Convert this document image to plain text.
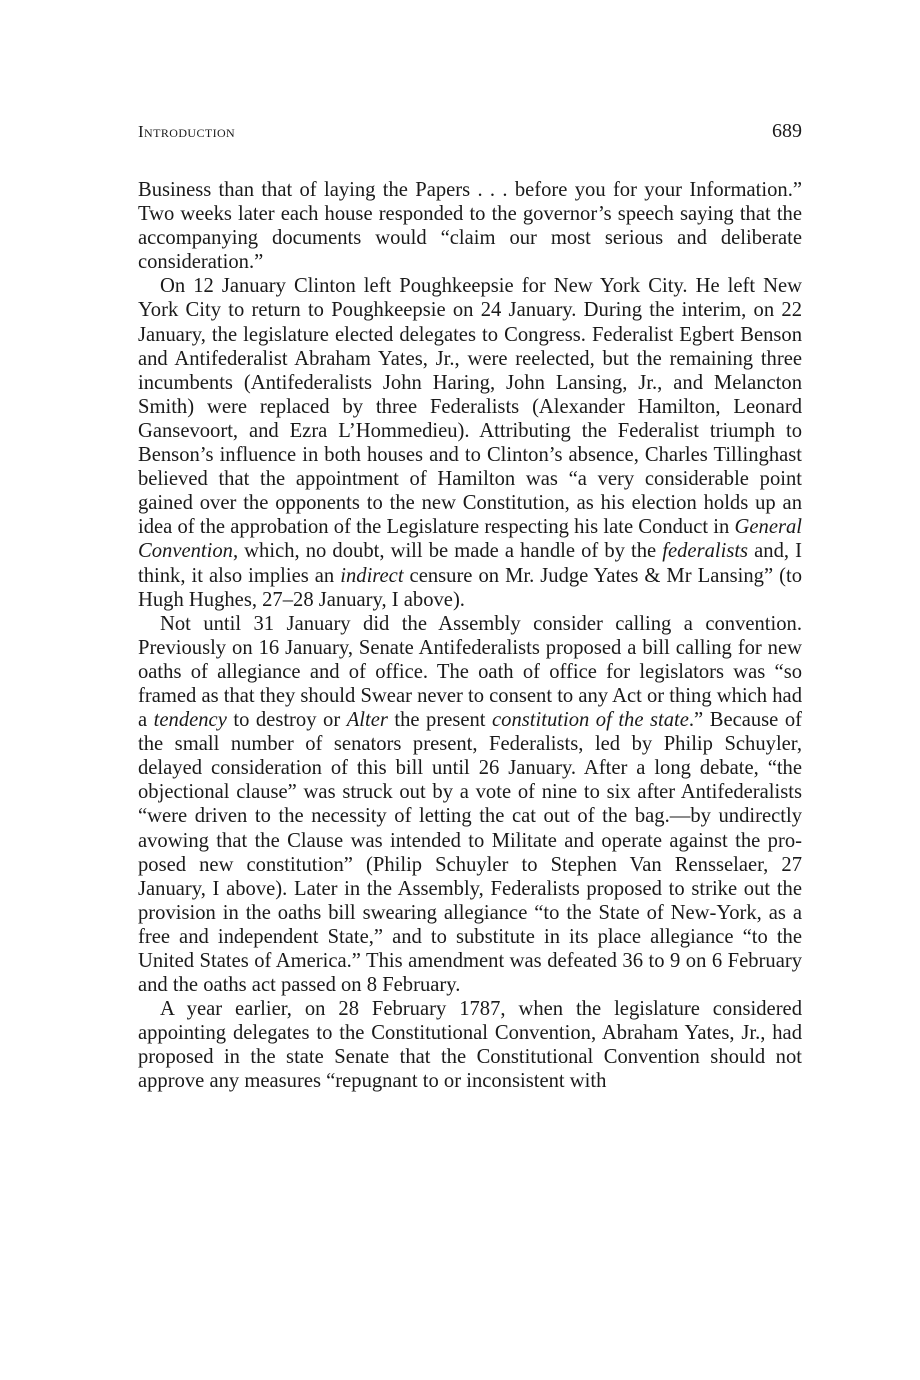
Introduction	689

Business than that of laying the Papers . . . before you for your Information.” Two weeks later each house responded to the governor’s speech saying that the accompanying documents would “claim our most serious and deliberate consideration.”

On 12 January Clinton left Poughkeepsie for New York City. He left New York City to return to Poughkeepsie on 24 January. During the interim, on 22 January, the legislature elected delegates to Congress. Federalist Egbert Benson and Antifederalist Abraham Yates, Jr., were reelected, but the remaining three incumbents (Antifederalists John Haring, John Lansing, Jr., and Melancton Smith) were replaced by three Federalists (Alexander Hamilton, Leonard Gansevoort, and Ezra L’Hommedieu). Attributing the Federalist triumph to Benson’s influence in both houses and to Clinton’s absence, Charles Tillinghast believed that the appointment of Hamilton was “a very considerable point gained over the opponents to the new Constitution, as his election holds up an idea of the approbation of the Legislature respecting his late Conduct in General Convention, which, no doubt, will be made a handle of by the federalists and, I think, it also implies an indirect censure on Mr. Judge Yates & Mr Lansing” (to Hugh Hughes, 27–28 January, I above).

Not until 31 January did the Assembly consider calling a convention. Previously on 16 January, Senate Antifederalists proposed a bill calling for new oaths of allegiance and of office. The oath of office for legislators was “so framed as that they should Swear never to consent to any Act or thing which had a tendency to destroy or Alter the present constitution of the state.” Because of the small number of senators present, Federalists, led by Philip Schuyler, delayed consideration of this bill until 26 January. After a long debate, “the objectional clause” was struck out by a vote of nine to six after Antifederalists “were driven to the necessity of letting the cat out of the bag.—by undirectly avowing that the Clause was intended to Militate and operate against the proposed new constitution” (Philip Schuyler to Stephen Van Rensselaer, 27 January, I above). Later in the Assembly, Federalists proposed to strike out the provision in the oaths bill swearing allegiance “to the State of New-York, as a free and independent State,” and to substitute in its place allegiance “to the United States of America.” This amendment was defeated 36 to 9 on 6 February and the oaths act passed on 8 February.

A year earlier, on 28 February 1787, when the legislature considered appointing delegates to the Constitutional Convention, Abraham Yates, Jr., had proposed in the state Senate that the Constitutional Convention should not approve any measures “repugnant to or inconsistent with
